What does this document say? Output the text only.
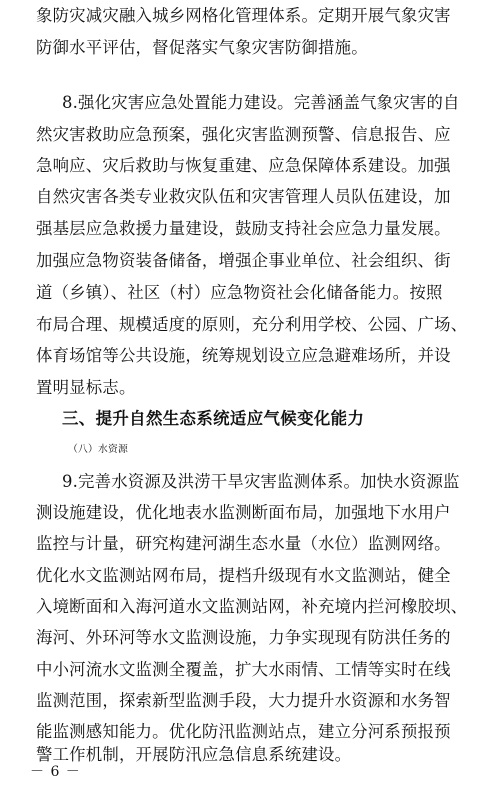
象防灾减灾融入城乡网格化管理体系。定期开展气象灾害
防御水平评估，督促落实气象灾害防御措施。
8.强化灾害应急处置能力建设。完善涵盖气象灾害的自
然灾害救助应急预案，强化灾害监测预警、信息报告、应
急响应、灾后救助与恢复重建、应急保障体系建设。加强
自然灾害各类专业救灾队伍和灾害管理人员队伍建设，加
强基层应急救援力量建设，鼓励支持社会应急力量发展。
加强应急物资装备储备，增强企事业单位、社会组织、街
道（乡镇）、社区（村）应急物资社会化储备能力。按照
布局合理、规模适度的原则，充分利用学校、公园、广场、
体育场馆等公共设施，统筹规划设立应急避难场所，并设
置明显标志。
三、提升自然生态系统适应气候变化能力
（八）水资源
9.完善水资源及洪涝干旱灾害监测体系。加快水资源监
测设施建设，优化地表水监测断面布局，加强地下水用户
监控与计量，研究构建河湖生态水量（水位）监测网络。
优化水文监测站网布局，提档升级现有水文监测站，健全
入境断面和入海河道水文监测站网，补充境内拦河橡胶坝、
海河、外环河等水文监测设施，力争实现现有防洪任务的
中小河流水文监测全覆盖，扩大水雨情、工情等实时在线
监测范围，探索新型监测手段，大力提升水资源和水务智
能监测感知能力。优化防汛监测站点，建立分河系预报预
－ 6 －
警工作机制，开展防汛应急信息系统建设。
